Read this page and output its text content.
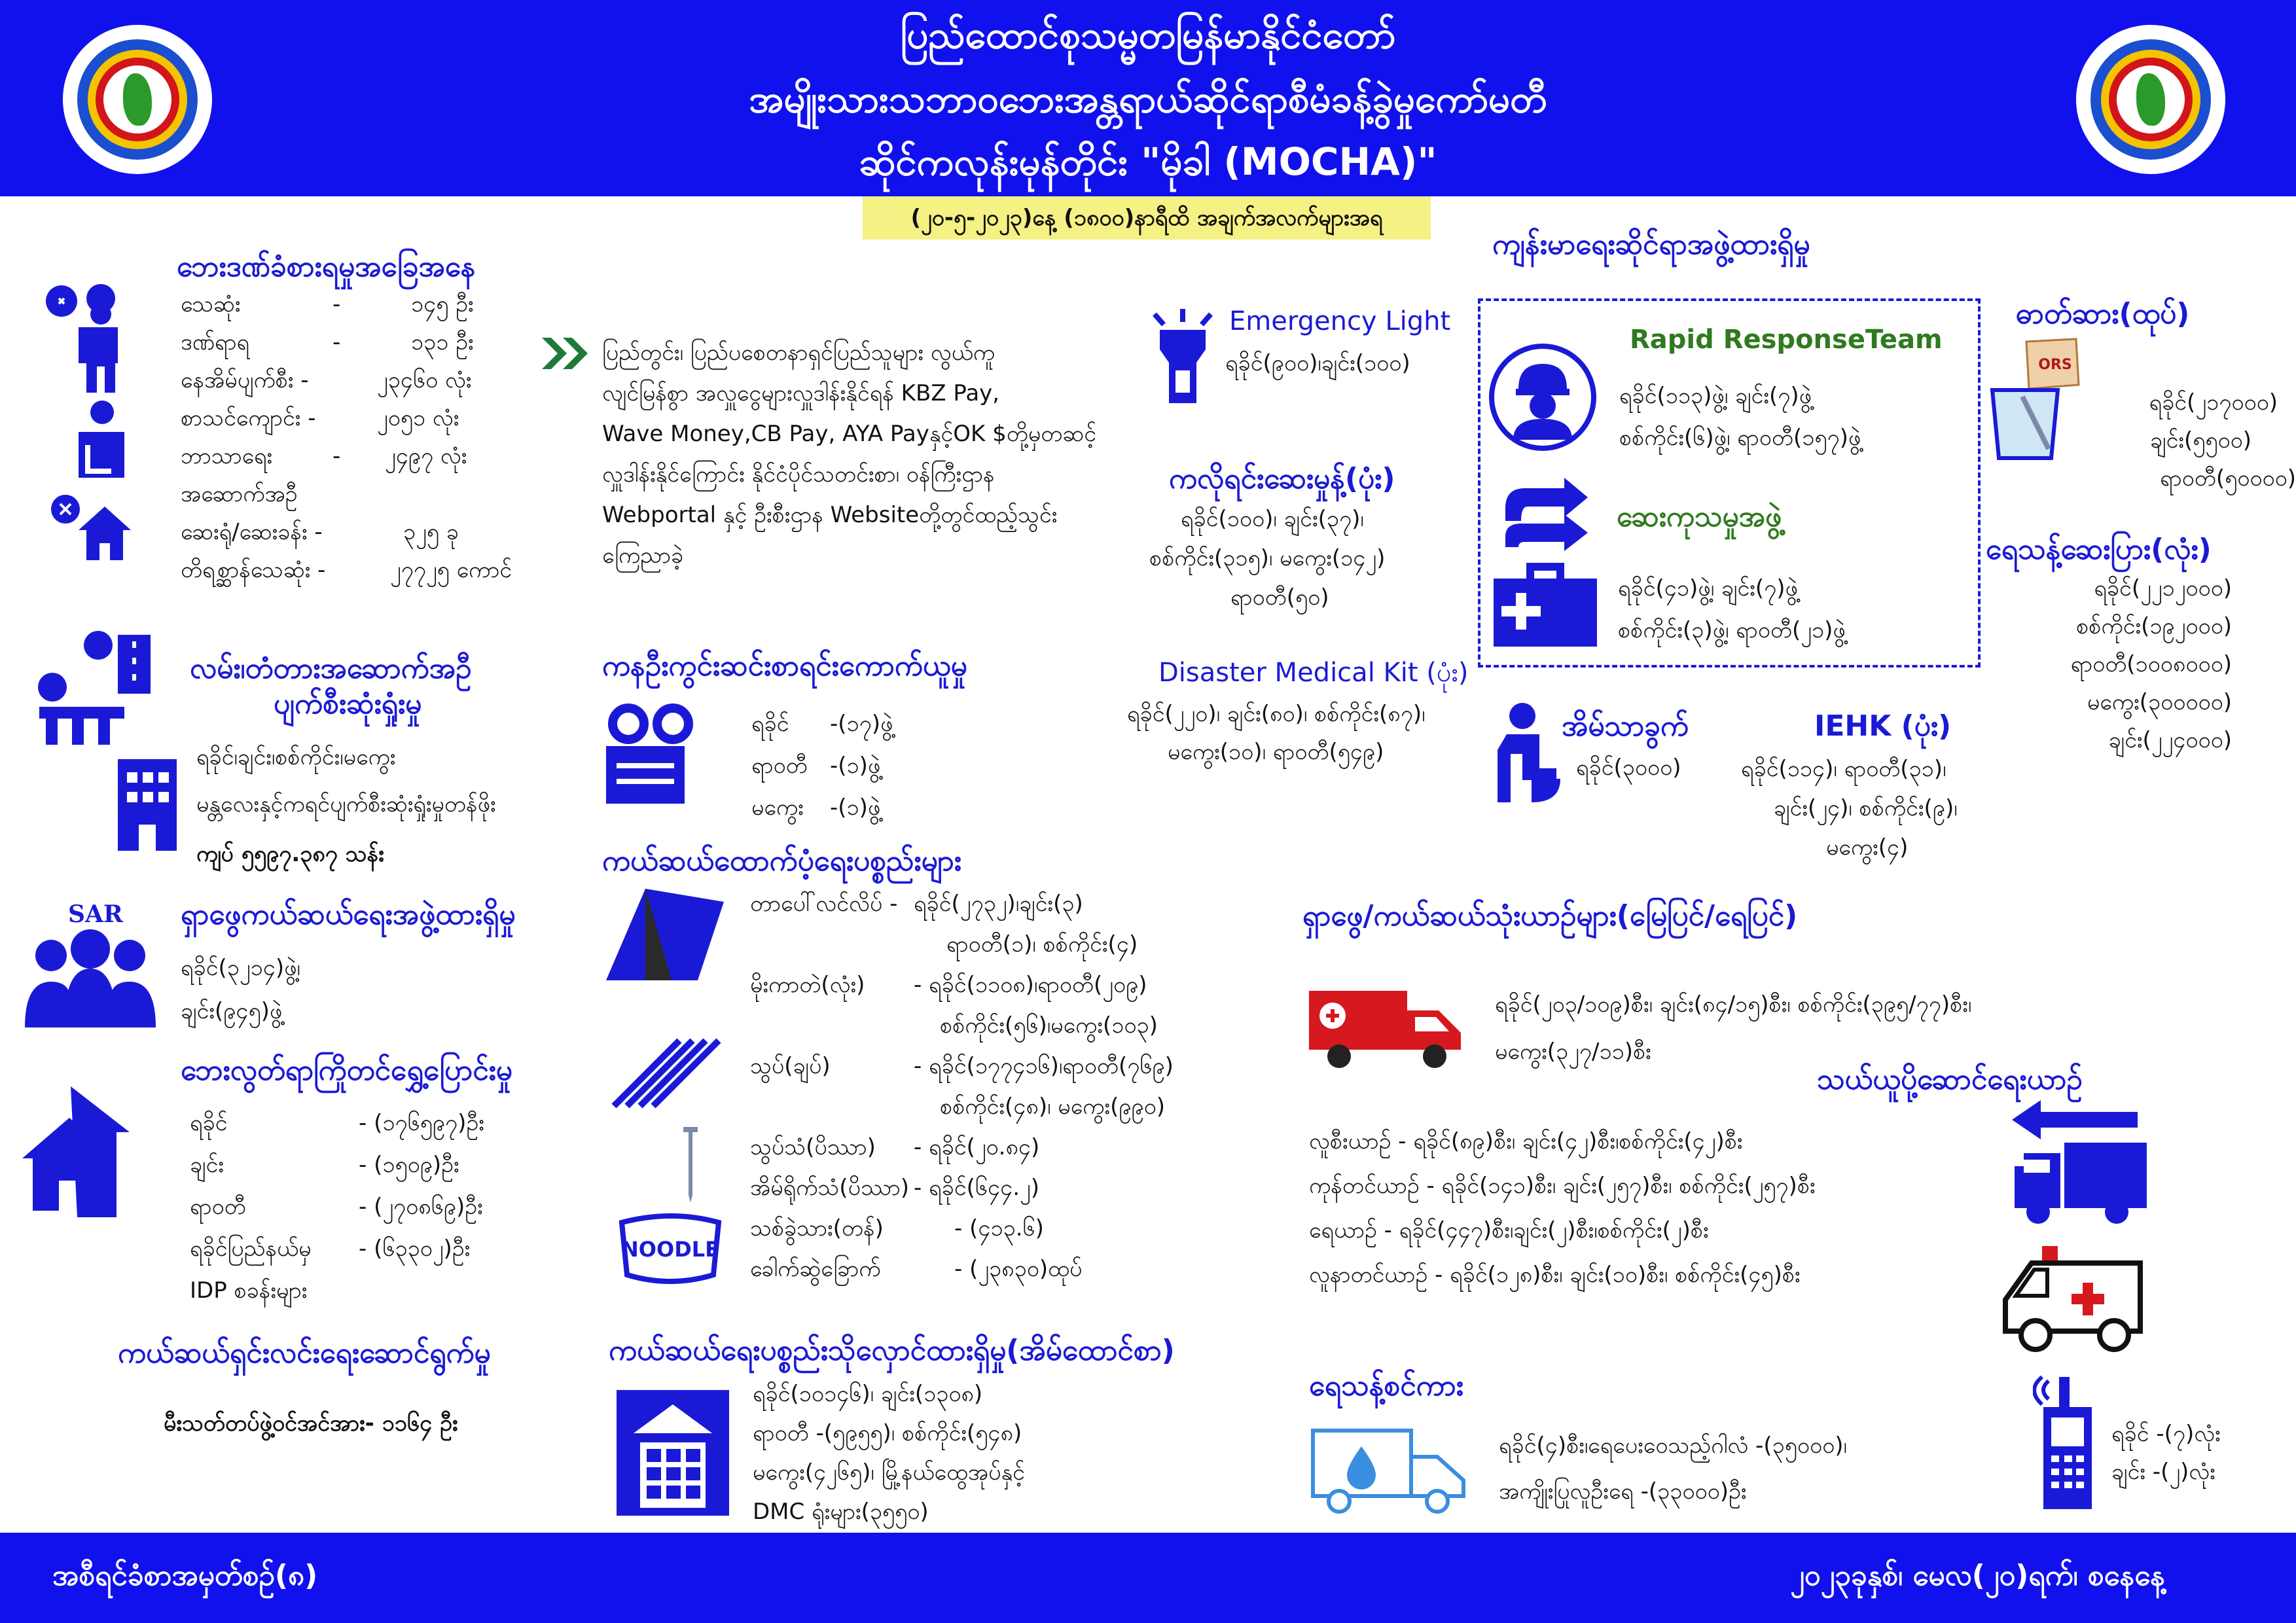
ပြည်ထောင်စုသမ္မတမြန်မာနိုင်ငံတော်
အမျိုးသားသဘာဝဘေးအန္တရာယ်ဆိုင်ရာစီမံခန့်ခွဲမှုကော်မတီ
ဆိုင်ကလုန်းမုန်တိုင်း "မိုခါ (MOCHA)"
(၂၀-၅-၂၀၂၃)နေ့ (၁၈၀၀)နာရီထိ အချက်အလက်များအရ
ဘေးဒဏ်ခံစားရမှုအခြေအနေ
သေဆုံး	-	၁၄၅ ဦး
ဒဏ်ရာရ	-	၁၃၁ ဦး
နေအိမ်ပျက်စီး -	၂၃၄၆၀ လုံး
စာသင်ကျောင်း -	၂၀၅၁ လုံး
ဘာသာရေး	-	၂၄၉၇ လုံး
အဆောက်အဦ
ဆေးရုံ/ဆေးခန်း -	၃၂၅ ခု
တိရစ္ဆာန်သေဆုံး -	၂၇၇၂၅ ကောင်
ပြည်တွင်း၊ ပြည်ပစေတနာရှင်ပြည်သူများ လွယ်ကူ
လျင်မြန်စွာ အလှူငွေများလှူဒါန်းနိုင်ရန် KBZ Pay,
Wave Money,CB Pay, AYA Payနှင့်OK $တို့မှတဆင့်
လှူဒါန်းနိုင်ကြောင်း နိုင်ငံပိုင်သတင်းစာ၊ ဝန်ကြီးဌာန
Webportal နှင့် ဦးစီးဌာန Websiteတို့တွင်ထည့်သွင်း
ကြေညာခဲ့
လမ်း၊တံတားအဆောက်အဦ
ပျက်စီးဆုံးရှုံးမှု
ရခိုင်၊ချင်း၊စစ်ကိုင်း၊မကွေး
မန္တလေးနှင့်ကရင်ပျက်စီးဆုံးရှုံးမှုတန်ဖိုး
ကျပ် ၅၅၉၇.၃၈၇ သန်း
SAR ရှာဖွေကယ်ဆယ်ရေးအဖွဲ့ထားရှိမှု
ရခိုင်(၃၂၁၄)ဖွဲ့၊
ချင်း(၉၄၅)ဖွဲ့
ဘေးလွတ်ရာကြိုတင်ရွှေ့ပြောင်းမှု
ရခိုင်	- (၁၇၆၅၉၇)ဦး
ချင်း	- (၁၅၀၉)ဦး
ရာဝတီ	- (၂၇၀၈၆၉)ဦး
ရခိုင်ပြည်နယ်မှ	- (၆၃၃၀၂)ဦး
IDP စခန်းများ
ကယ်ဆယ်ရှင်းလင်းရေးဆောင်ရွက်မှု
မီးသတ်တပ်ဖွဲ့ဝင်အင်အား- ၁၁၆၄ ဦး
ကနဦးကွင်းဆင်းစာရင်းကောက်ယူမှု
ရခိုင်	-(၁၇)ဖွဲ့
ရာဝတီ	-(၁)ဖွဲ့
မကွေး	-(၁)ဖွဲ့
ကယ်ဆယ်ထောက်ပံ့ရေးပစ္စည်းများ
NOODLE
တာပေါ်လင်လိပ် - ရခိုင်(၂၇၃၂)၊ချင်း(၃)
ရာဝတီ(၁)၊ စစ်ကိုင်း(၄)
မိုးကာတဲ(လုံး)	- ရခိုင်(၁၁၀၈)၊ရာဝတီ(၂၀၉)
စစ်ကိုင်း(၅၆)၊မကွေး(၁၀၃)
သွပ်(ချပ်)	- ရခိုင်(၁၇၇၄၁၆)၊ရာဝတီ(၇၆၉)
စစ်ကိုင်း(၄၈)၊ မကွေး(၉၉၀)
သွပ်သံ(ပိဿာ)	- ရခိုင်(၂၀.၈၄)
အိမ်ရိုက်သံ(ပိဿာ) - ရခိုင်(၆၄၄.၂)
သစ်ခွဲသား(တန်)	- (၄၁၃.၆)
ခေါက်ဆွဲခြောက်	- (၂၃၈၃၀)ထုပ်
ကယ်ဆယ်ရေးပစ္စည်းသိုလှောင်ထားရှိမှု(အိမ်ထောင်စာ)
ရခိုင်(၁၀၁၄၆)၊ ချင်း(၁၃၀၈)
ရာဝတီ -(၅၉၅၅)၊ စစ်ကိုင်း(၅၄၈)
မကွေး(၄၂၆၅)၊ မြို့နယ်ထွေအုပ်နှင့်
DMC ရုံးများ(၃၅၅၀)
Emergency Light
ရခိုင်(၉၀၀)၊ချင်း(၁၀၀)
ကလိုရင်းဆေးမှုန့်(ပုံး)
ရခိုင်(၁၀၀)၊ ချင်း(၃၇)၊
စစ်ကိုင်း(၃၁၅)၊ မကွေး(၁၄၂)
ရာဝတီ(၅၀)
Disaster Medical Kit (ပုံး)
ရခိုင်(၂၂၀)၊ ချင်း(၈၀)၊ စစ်ကိုင်း(၈၇)၊
မကွေး(၁၀)၊ ရာဝတီ(၅၄၉)
ကျန်းမာရေးဆိုင်ရာအဖွဲ့ထားရှိမှု
Rapid ResponseTeam
ရခိုင်(၁၁၃)ဖွဲ့၊ ချင်း(၇)ဖွဲ့
စစ်ကိုင်း(၆)ဖွဲ့၊ ရာဝတီ(၁၅၇)ဖွဲ့
ဆေးကုသမှုအဖွဲ့
ရခိုင်(၄၁)ဖွဲ့၊ ချင်း(၇)ဖွဲ့
စစ်ကိုင်း(၃)ဖွဲ့၊ ရာဝတီ(၂၁)ဖွဲ့
အိမ်သာခွက်
ရခိုင်(၃၀၀၀)
IEHK (ပုံး)
ရခိုင်(၁၁၄)၊ ရာဝတီ(၃၁)၊
ချင်း(၂၄)၊ စစ်ကိုင်း(၉)၊
မကွေး(၄)
ဓာတ်ဆား(ထုပ်)
ORS
ရခိုင်(၂၁၇၀၀၀)
ချင်း(၅၅၀၀)
ရာဝတီ(၅၀၀၀၀)
ရေသန့်ဆေးပြား(လုံး)
ရခိုင်(၂၂၁၂၀၀၀)
စစ်ကိုင်း(၁၉၂၀၀၀)
ရာဝတီ(၁၀၀၈၀၀၀)
မကွေး(၃၀၀၀၀၀)
ချင်း(၂၂၄၀၀၀)
ရှာဖွေ/ကယ်ဆယ်သုံးယာဉ်များ(မြေပြင်/ရေပြင်)
ရခိုင်(၂၀၃/၁၀၉)စီး၊ ချင်း(၈၄/၁၅)စီး၊ စစ်ကိုင်း(၃၉၅/၇၇)စီး၊
မကွေး(၃၂၇/၁၁)စီး
သယ်ယူပို့ဆောင်ရေးယာဉ်
လူစီးယာဉ် - ရခိုင်(၈၉)စီး၊ ချင်း(၄၂)စီး၊စစ်ကိုင်း(၄၂)စီး
ကုန်တင်ယာဉ် - ရခိုင်(၁၄၁)စီး၊ ချင်း(၂၅၇)စီး၊ စစ်ကိုင်း(၂၅၇)စီး
ရေယာဉ် - ရခိုင်(၄၄၇)စီး၊ချင်း(၂)စီး၊စစ်ကိုင်း(၂)စီး
လူနာတင်ယာဉ် - ရခိုင်(၁၂၈)စီး၊ ချင်း(၁၀)စီး၊ စစ်ကိုင်း(၄၅)စီး
ရေသန့်စင်ကား
ရခိုင်(၄)စီး၊ရေပေးဝေသည့်ဂါလံ -(၃၅၀၀၀)၊
အကျိုးပြုလူဦးရေ -(၃၃၀၀၀)ဦး
ရခိုင် -(၇)လုံး
ချင်း -(၂)လုံး
အစီရင်ခံစာအမှတ်စဉ်(၈)	၂၀၂၃ခုနှစ်၊ မေလ(၂၀)ရက်၊ စနေနေ့
